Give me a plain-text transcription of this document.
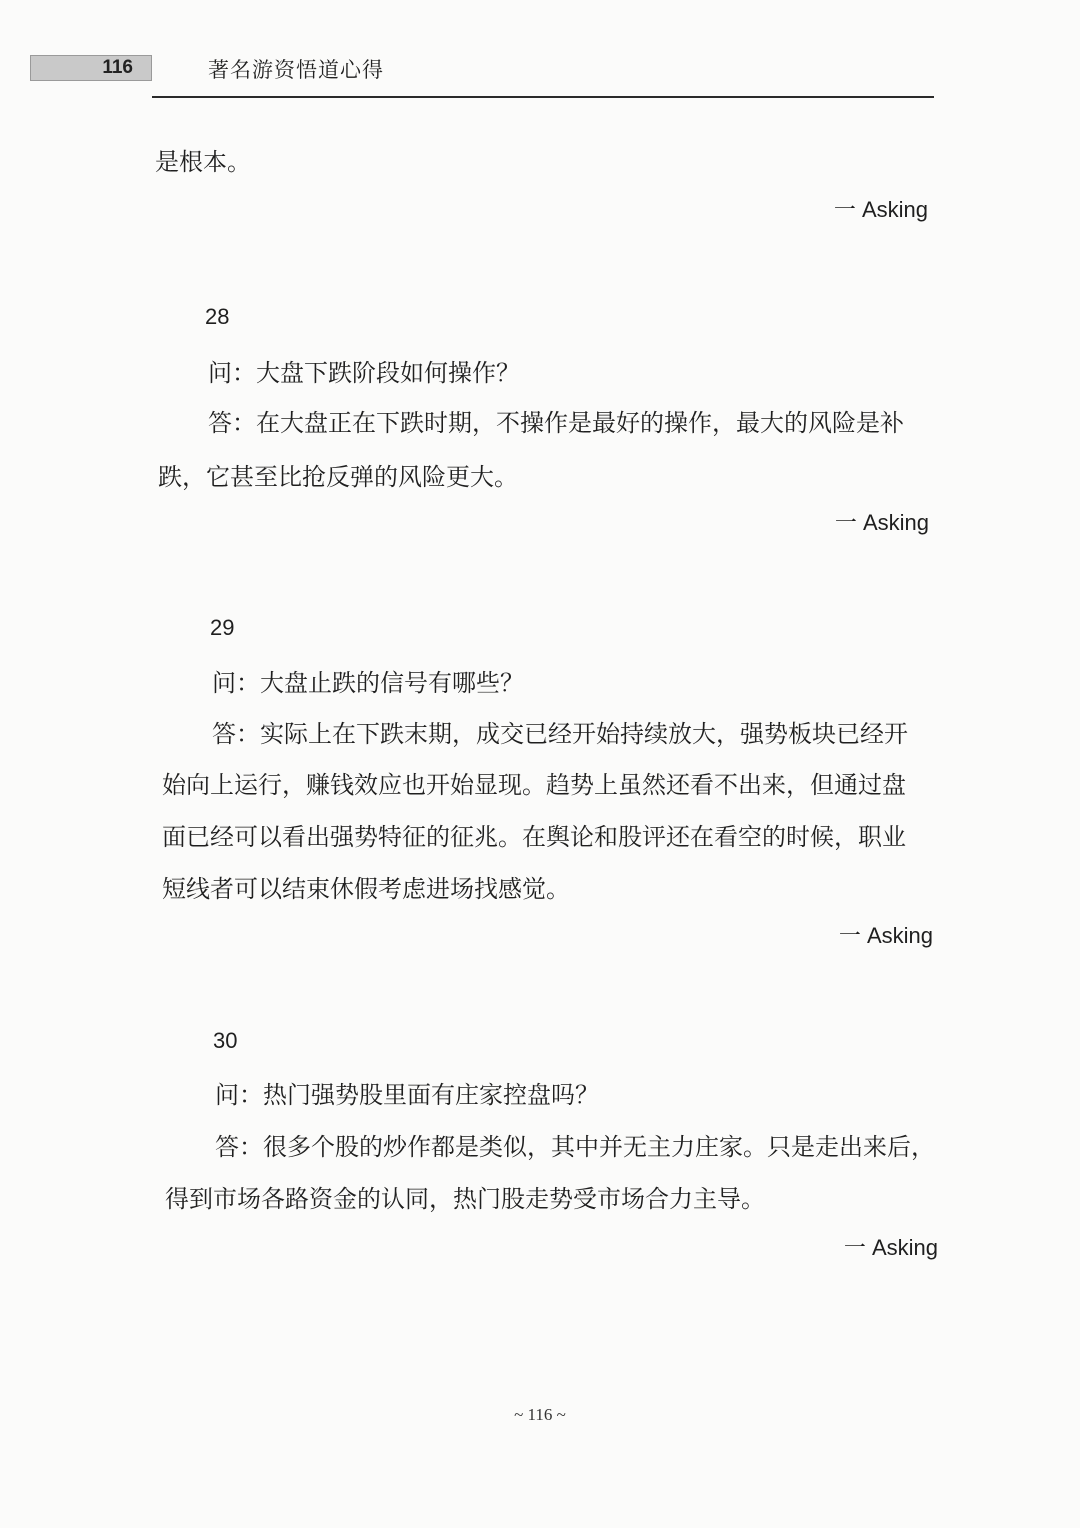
116	著名游资悟道心得
是根本。
一 Asking
28
问：大盘下跌阶段如何操作？
答：在大盘正在下跌时期，不操作是最好的操作，最大的风险是补
跌，它甚至比抢反弹的风险更大。
一 Asking
29
问：大盘止跌的信号有哪些？
答：实际上在下跌末期，成交已经开始持续放大，强势板块已经开
始向上运行，赚钱效应也开始显现。趋势上虽然还看不出来，但通过盘
面已经可以看出强势特征的征兆。在舆论和股评还在看空的时候，职业
短线者可以结束休假考虑进场找感觉。
一 Asking
30
问：热门强势股里面有庄家控盘吗？
答：很多个股的炒作都是类似，其中并无主力庄家。只是走出来后，
得到市场各路资金的认同，热门股走势受市场合力主导。
一 Asking
~ 116 ~
